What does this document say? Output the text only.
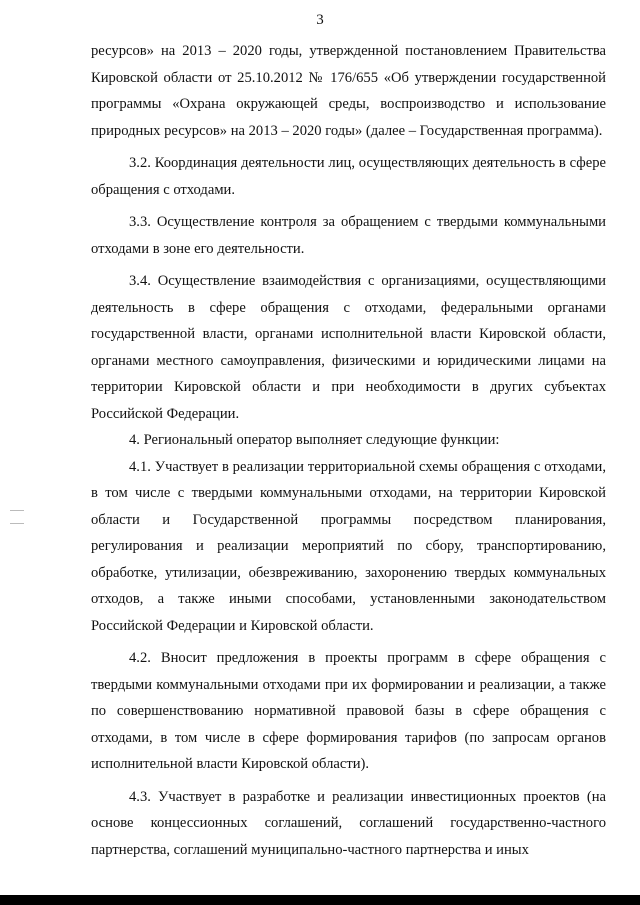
3

ресурсов» на 2013 – 2020 годы, утвержденной постановлением Правительства Кировской области от 25.10.2012 № 176/655 «Об утверждении государственной программы «Охрана окружающей среды, воспроизводство и использование природных ресурсов» на 2013 – 2020 годы» (далее – Государственная программа).

3.2. Координация деятельности лиц, осуществляющих деятельность в сфере обращения с отходами.

3.3. Осуществление контроля за обращением с твердыми коммунальными отходами в зоне его деятельности.

3.4. Осуществление взаимодействия с организациями, осуществляющими деятельность в сфере обращения с отходами, федеральными органами государственной власти, органами исполнительной власти Кировской области, органами местного самоуправления, физическими и юридическими лицами на территории Кировской области и при необходимости в других субъектах Российской Федерации.

4. Региональный оператор выполняет следующие функции:

4.1. Участвует в реализации территориальной схемы обращения с отходами, в том числе с твердыми коммунальными отходами, на территории Кировской области и Государственной программы посредством планирования, регулирования и реализации мероприятий по сбору, транспортированию, обработке, утилизации, обезвреживанию, захоронению твердых коммунальных отходов, а также иными способами, установленными законодательством Российской Федерации и Кировской области.

4.2. Вносит предложения в проекты программ в сфере обращения с твердыми коммунальными отходами при их формировании и реализации, а также по совершенствованию нормативной правовой базы в сфере обращения с отходами, в том числе в сфере формирования тарифов (по запросам органов исполнительной власти Кировской области).

4.3. Участвует в разработке и реализации инвестиционных проектов (на основе концессионных соглашений, соглашений государственно-частного партнерства, соглашений муниципально-частного партнерства и иных
